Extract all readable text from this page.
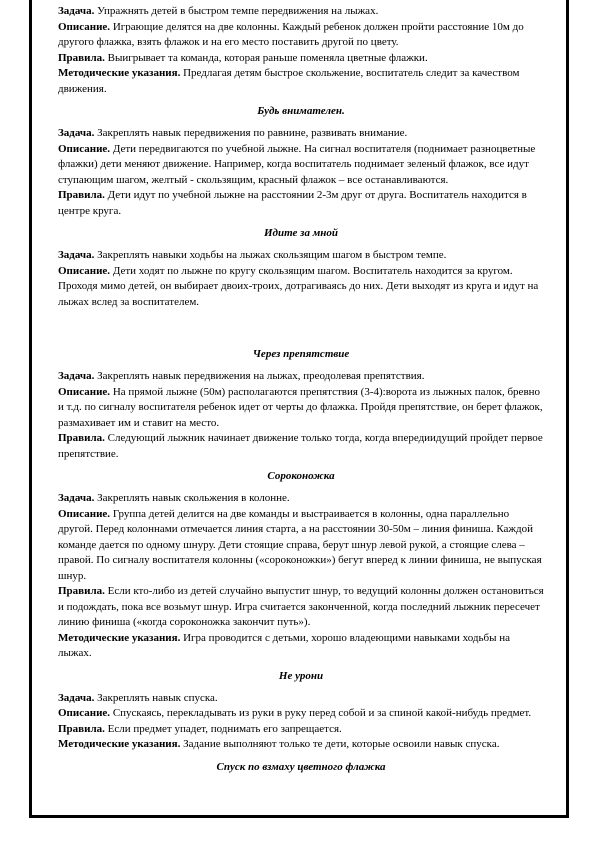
Задача. Упражнять детей в быстром темпе передвижения на лыжах.

Описание. Играющие делятся на две колонны. Каждый ребенок должен пройти расстояние 10м до другого флажка, взять флажок и на его место поставить другой по цвету.

Правила. Выигрывает та команда, которая раньше поменяла цветные флажки.

Методические указания. Предлагая детям быстрое скольжение, воспитатель следит за качеством движения.

Будь внимателен.

Задача. Закреплять навык передвижения по равнине, развивать внимание.

Описание. Дети передвигаются по учебной лыжне. На сигнал воспитателя (поднимает разноцветные флажки) дети меняют движение. Например, когда воспитатель поднимает зеленый флажок, все идут ступающим шагом, желтый - скользящим, красный флажок – все останавливаются.

Правила. Дети идут по учебной лыжне на расстоянии 2-3м друг от друга. Воспитатель находится в центре круга.

Идите за мной

Задача. Закреплять навыки ходьбы на лыжах скользящим шагом в быстром темпе.

Описание. Дети ходят по лыжне по кругу скользящим шагом. Воспитатель находится за кругом. Проходя мимо детей, он выбирает двоих-троих, дотрагиваясь до них. Дети выходят из круга и идут на лыжах вслед за воспитателем.

Через препятствие

Задача. Закреплять навык передвижения на лыжах, преодолевая препятствия.

Описание. На прямой лыжне (50м) располагаются препятствия (3-4):ворота из лыжных палок, бревно и т.д. по сигналу воспитателя ребенок идет от черты до флажка. Пройдя препятствие, он берет флажок, размахивает им и ставит на место.

Правила. Следующий лыжник начинает движение только тогда, когда впередиидущий пройдет первое препятствие.

Сороконожка

Задача. Закреплять навык скольжения в колонне.

Описание. Группа детей делится на две команды и выстраивается в колонны, одна параллельно другой. Перед колоннами отмечается линия старта, а на расстоянии 30-50м – линия финиша. Каждой команде дается по одному шнуру. Дети стоящие справа, берут шнур левой рукой, а стоящие слева – правой. По сигналу воспитателя колонны («сороконожки») бегут вперед к линии финиша, не выпуская шнур.

Правила. Если кто-либо из детей случайно выпустит шнур, то ведущий колонны должен остановиться и подождать, пока все возьмут шнур. Игра считается законченной, когда последний лыжник пересечет линию финиша («когда сороконожка закончит путь»).

Методические указания. Игра проводится с детьми, хорошо владеющими навыками ходьбы на лыжах.

Не урони

Задача. Закреплять навык спуска.

Описание. Спускаясь, перекладывать из руки в руку перед собой и за спиной какой-нибудь предмет.

Правила. Если предмет упадет, поднимать его запрещается.

Методические указания. Задание выполняют только те дети, которые освоили навык спуска.

Спуск по взмаху цветного флажка
